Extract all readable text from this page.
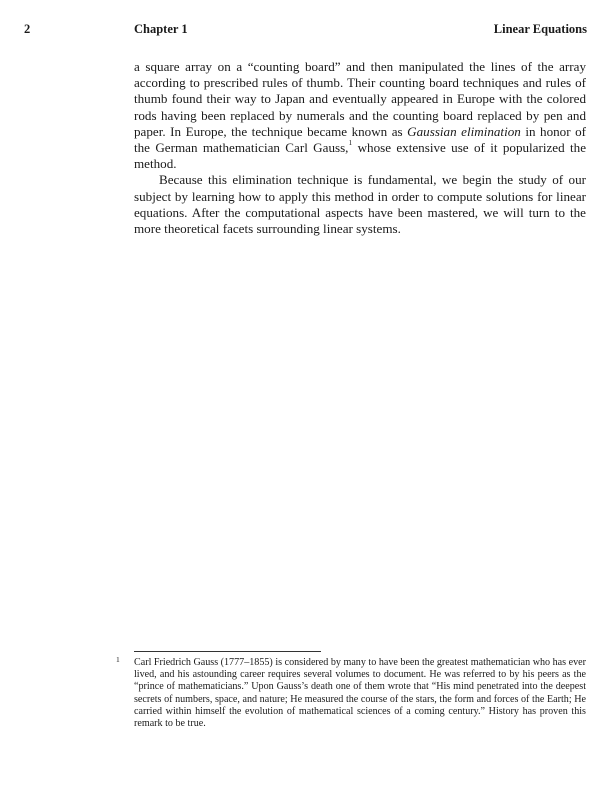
2	Chapter 1	Linear Equations

a square array on a “counting board” and then manipulated the lines of the array according to prescribed rules of thumb. Their counting board techniques and rules of thumb found their way to Japan and eventually appeared in Europe with the colored rods having been replaced by numerals and the counting board replaced by pen and paper. In Europe, the technique became known as Gaussian elimination in honor of the German mathematician Carl Gauss,$^1$ whose extensive use of it popularized the method.

Because this elimination technique is fundamental, we begin the study of our subject by learning how to apply this method in order to compute solutions for linear equations. After the computational aspects have been mastered, we will turn to the more theoretical facets surrounding linear systems.

1 Carl Friedrich Gauss (1777–1855) is considered by many to have been the greatest mathematician who has ever lived, and his astounding career requires several volumes to document. He was referred to by his peers as the “prince of mathematicians.” Upon Gauss’s death one of them wrote that “His mind penetrated into the deepest secrets of numbers, space, and nature; He measured the course of the stars, the form and forces of the Earth; He carried within himself the evolution of mathematical sciences of a coming century.” History has proven this remark to be true.
